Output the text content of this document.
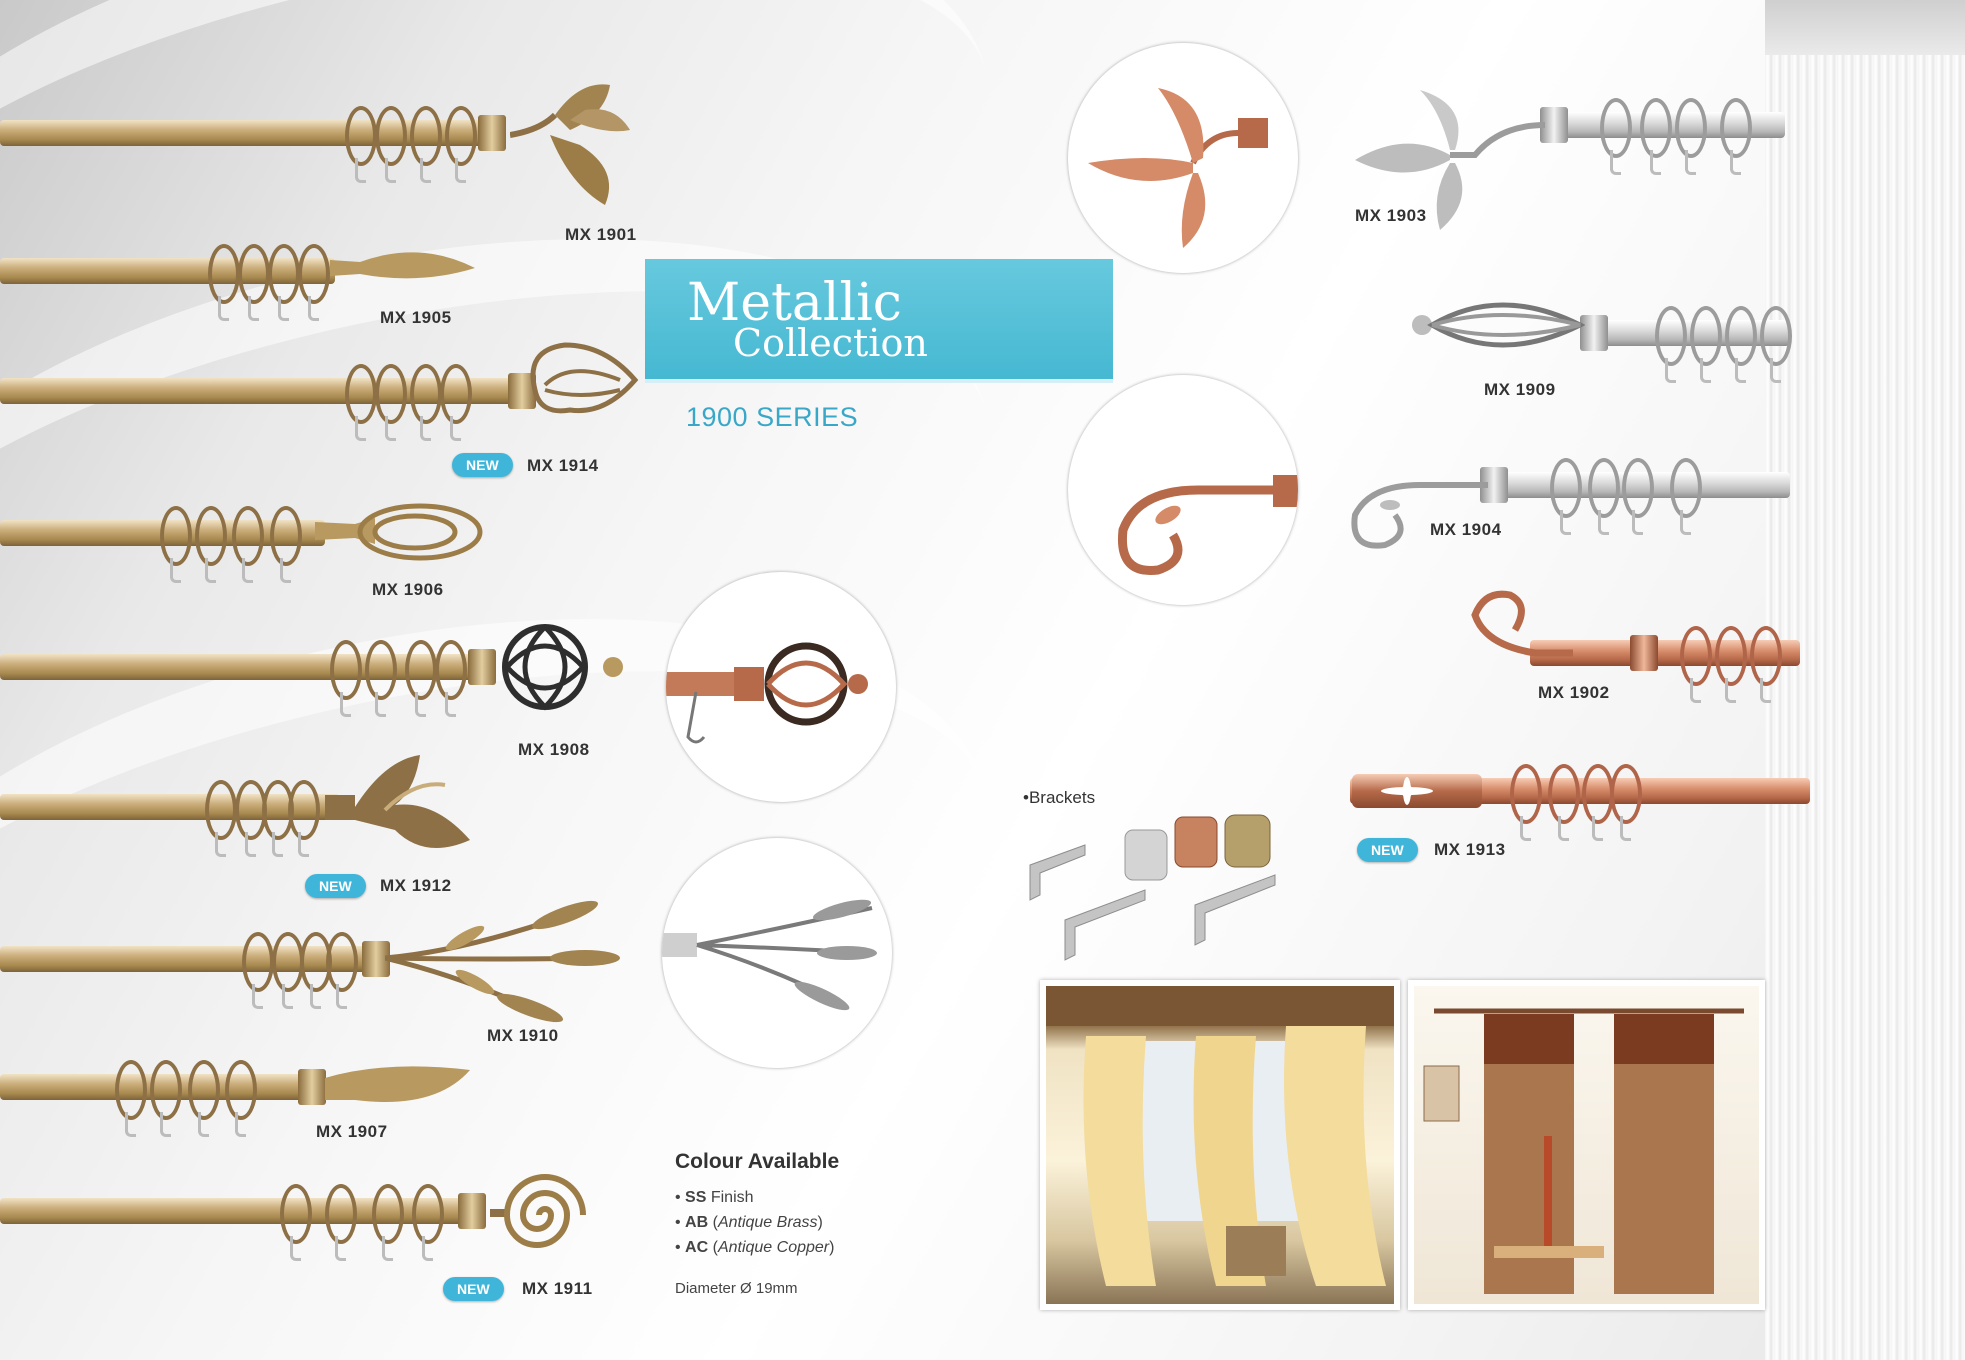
MX 1901
MX 1905
NEW	MX 1914
MX 1906
MX 1908
NEW	MX 1912
MX 1910
MX 1907
NEW	MX 1911
Metallic
Collection
1900 SERIES
MX 1903
MX 1909
MX 1904
MX 1902
NEW	MX 1913
•Brackets
Colour Available
• SS Finish
• AB (Antique Brass)
• AC (Antique Copper)
Diameter Ø 19mm
